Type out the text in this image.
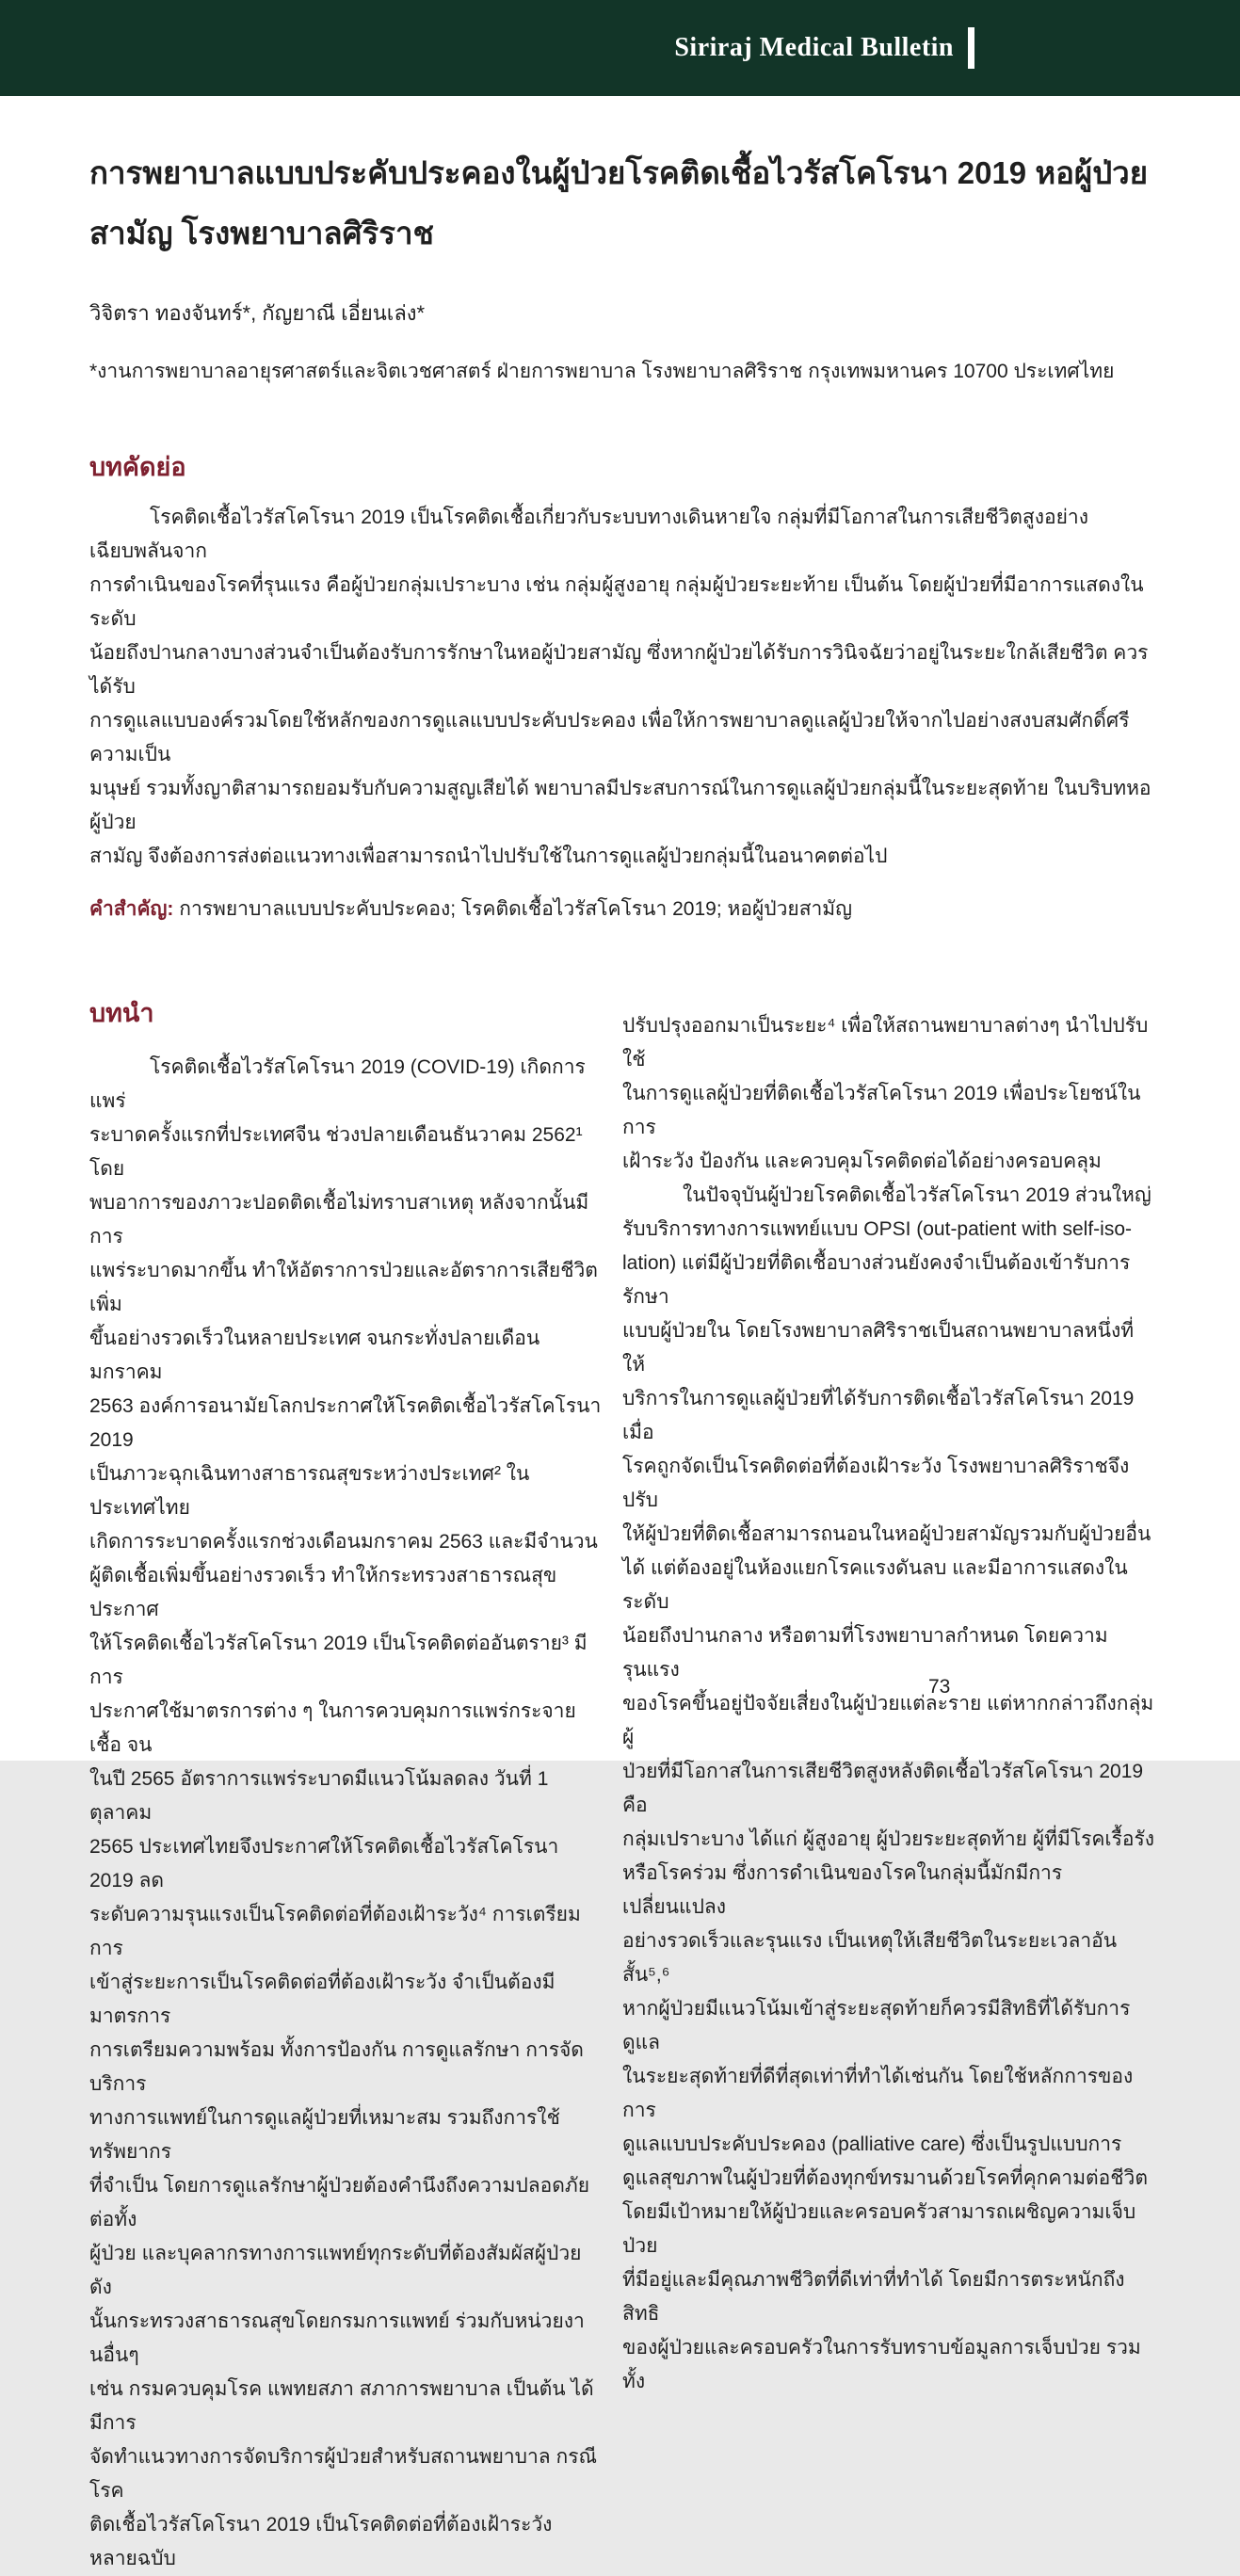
Siriraj Medical Bulletin
การพยาบาลแบบประคับประคองในผู้ป่วยโรคติดเชื้อไวรัสโคโรนา 2019 หอผู้ป่วย
สามัญ โรงพยาบาลศิริราช
วิจิตรา ทองจันทร์*, กัญยาณี เอี่ยนเล่ง*
*งานการพยาบาลอายุรศาสตร์และจิตเวชศาสตร์ ฝ่ายการพยาบาล โรงพยาบาลศิริราช กรุงเทพมหานคร 10700 ประเทศไทย
บทคัดย่อ
โรคติดเชื้อไวรัสโคโรนา 2019 เป็นโรคติดเชื้อเกี่ยวกับระบบทางเดินหายใจ กลุ่มที่มีโอกาสในการเสียชีวิตสูงอย่างเฉียบพลันจาก
การดำเนินของโรคที่รุนแรง คือผู้ป่วยกลุ่มเปราะบาง เช่น กลุ่มผู้สูงอายุ กลุ่มผู้ป่วยระยะท้าย เป็นต้น โดยผู้ป่วยที่มีอาการแสดงในระดับ
น้อยถึงปานกลางบางส่วนจำเป็นต้องรับการรักษาในหอผู้ป่วยสามัญ ซึ่งหากผู้ป่วยได้รับการวินิจฉัยว่าอยู่ในระยะใกล้เสียชีวิต ควรได้รับ
การดูแลแบบองค์รวมโดยใช้หลักของการดูแลแบบประคับประคอง เพื่อให้การพยาบาลดูแลผู้ป่วยให้จากไปอย่างสงบสมศักดิ์ศรีความเป็น
มนุษย์ รวมทั้งญาติสามารถยอมรับกับความสูญเสียได้ พยาบาลมีประสบการณ์ในการดูแลผู้ป่วยกลุ่มนี้ในระยะสุดท้าย ในบริบทหอผู้ป่วย
สามัญ จึงต้องการส่งต่อแนวทางเพื่อสามารถนำไปปรับใช้ในการดูแลผู้ป่วยกลุ่มนี้ในอนาคตต่อไป
คำสำคัญ: การพยาบาลแบบประคับประคอง; โรคติดเชื้อไวรัสโคโรนา 2019; หอผู้ป่วยสามัญ
บทนำ
โรคติดเชื้อไวรัสโคโรนา 2019 (COVID-19) เกิดการแพร่
ระบาดครั้งแรกที่ประเทศจีน ช่วงปลายเดือนธันวาคม 2562¹ โดย
พบอาการของภาวะปอดติดเชื้อไม่ทราบสาเหตุ หลังจากนั้นมีการ
แพร่ระบาดมากขึ้น ทำให้อัตราการป่วยและอัตราการเสียชีวิตเพิ่ม
ขึ้นอย่างรวดเร็วในหลายประเทศ จนกระทั่งปลายเดือน มกราคม
2563 องค์การอนามัยโลกประกาศให้โรคติดเชื้อไวรัสโคโรนา 2019
เป็นภาวะฉุกเฉินทางสาธารณสุขระหว่างประเทศ² ในประเทศไทย
เกิดการระบาดครั้งแรกช่วงเดือนมกราคม 2563 และมีจำนวน
ผู้ติดเชื้อเพิ่มขึ้นอย่างรวดเร็ว ทำให้กระทรวงสาธารณสุขประกาศ
ให้โรคติดเชื้อไวรัสโคโรนา 2019 เป็นโรคติดต่ออันตราย³ มีการ
ประกาศใช้มาตรการต่าง ๆ ในการควบคุมการแพร่กระจายเชื้อ จน
ในปี 2565 อัตราการแพร่ระบาดมีแนวโน้มลดลง วันที่ 1 ตุลาคม
2565 ประเทศไทยจึงประกาศให้โรคติดเชื้อไวรัสโคโรนา 2019 ลด
ระดับความรุนแรงเป็นโรคติดต่อที่ต้องเฝ้าระวัง⁴ การเตรียมการ
เข้าสู่ระยะการเป็นโรคติดต่อที่ต้องเฝ้าระวัง จำเป็นต้องมีมาตรการ
การเตรียมความพร้อม ทั้งการป้องกัน การดูแลรักษา การจัดบริการ
ทางการแพทย์ในการดูแลผู้ป่วยที่เหมาะสม รวมถึงการใช้ทรัพยากร
ที่จำเป็น โดยการดูแลรักษาผู้ป่วยต้องคำนึงถึงความปลอดภัยต่อทั้ง
ผู้ป่วย และบุคลากรทางการแพทย์ทุกระดับที่ต้องสัมผัสผู้ป่วย ดัง
นั้นกระทรวงสาธารณสุขโดยกรมการแพทย์ ร่วมกับหน่วยงานอื่นๆ
เช่น กรมควบคุมโรค แพทยสภา สภาการพยาบาล เป็นต้น ได้มีการ
จัดทำแนวทางการจัดบริการผู้ป่วยสำหรับสถานพยาบาล กรณีโรค
ติดเชื้อไวรัสโคโรนา 2019 เป็นโรคติดต่อที่ต้องเฝ้าระวัง หลายฉบับ
ปรับปรุงออกมาเป็นระยะ⁴ เพื่อให้สถานพยาบาลต่างๆ นำไปปรับใช้
ในการดูแลผู้ป่วยที่ติดเชื้อไวรัสโคโรนา 2019 เพื่อประโยชน์ในการ
เฝ้าระวัง ป้องกัน และควบคุมโรคติดต่อได้อย่างครอบคลุม
ในปัจจุบันผู้ป่วยโรคติดเชื้อไวรัสโคโรนา 2019 ส่วนใหญ่
รับบริการทางการแพทย์แบบ OPSI (out-patient with self-iso-
lation) แต่มีผู้ป่วยที่ติดเชื้อบางส่วนยังคงจำเป็นต้องเข้ารับการรักษา
แบบผู้ป่วยใน โดยโรงพยาบาลศิริราชเป็นสถานพยาบาลหนึ่งที่ให้
บริการในการดูแลผู้ป่วยที่ได้รับการติดเชื้อไวรัสโคโรนา 2019 เมื่อ
โรคถูกจัดเป็นโรคติดต่อที่ต้องเฝ้าระวัง โรงพยาบาลศิริราชจึงปรับ
ให้ผู้ป่วยที่ติดเชื้อสามารถนอนในหอผู้ป่วยสามัญรวมกับผู้ป่วยอื่น
ได้ แต่ต้องอยู่ในห้องแยกโรคแรงดันลบ และมีอาการแสดงในระดับ
น้อยถึงปานกลาง หรือตามที่โรงพยาบาลกำหนด โดยความรุนแรง
ของโรคขึ้นอยู่ปัจจัยเสี่ยงในผู้ป่วยแต่ละราย แต่หากกล่าวถึงกลุ่มผู้
ป่วยที่มีโอกาสในการเสียชีวิตสูงหลังติดเชื้อไวรัสโคโรนา 2019 คือ
กลุ่มเปราะบาง ได้แก่ ผู้สูงอายุ ผู้ป่วยระยะสุดท้าย ผู้ที่มีโรคเรื้อรัง
หรือโรคร่วม ซึ่งการดำเนินของโรคในกลุ่มนี้มักมีการเปลี่ยนแปลง
อย่างรวดเร็วและรุนแรง เป็นเหตุให้เสียชีวิตในระยะเวลาอันสั้น⁵,⁶
หากผู้ป่วยมีแนวโน้มเข้าสู่ระยะสุดท้ายก็ควรมีสิทธิที่ได้รับการดูแล
ในระยะสุดท้ายที่ดีที่สุดเท่าที่ทำได้เช่นกัน โดยใช้หลักการของการ
ดูแลแบบประคับประคอง (palliative care) ซึ่งเป็นรูปแบบการ
ดูแลสุขภาพในผู้ป่วยที่ต้องทุกข์ทรมานด้วยโรคที่คุกคามต่อชีวิต
โดยมีเป้าหมายให้ผู้ป่วยและครอบครัวสามารถเผชิญความเจ็บป่วย
ที่มีอยู่และมีคุณภาพชีวิตที่ดีเท่าที่ทำได้ โดยมีการตระหนักถึงสิทธิ
ของผู้ป่วยและครอบครัวในการรับทราบข้อมูลการเจ็บป่วย รวมทั้ง
73
